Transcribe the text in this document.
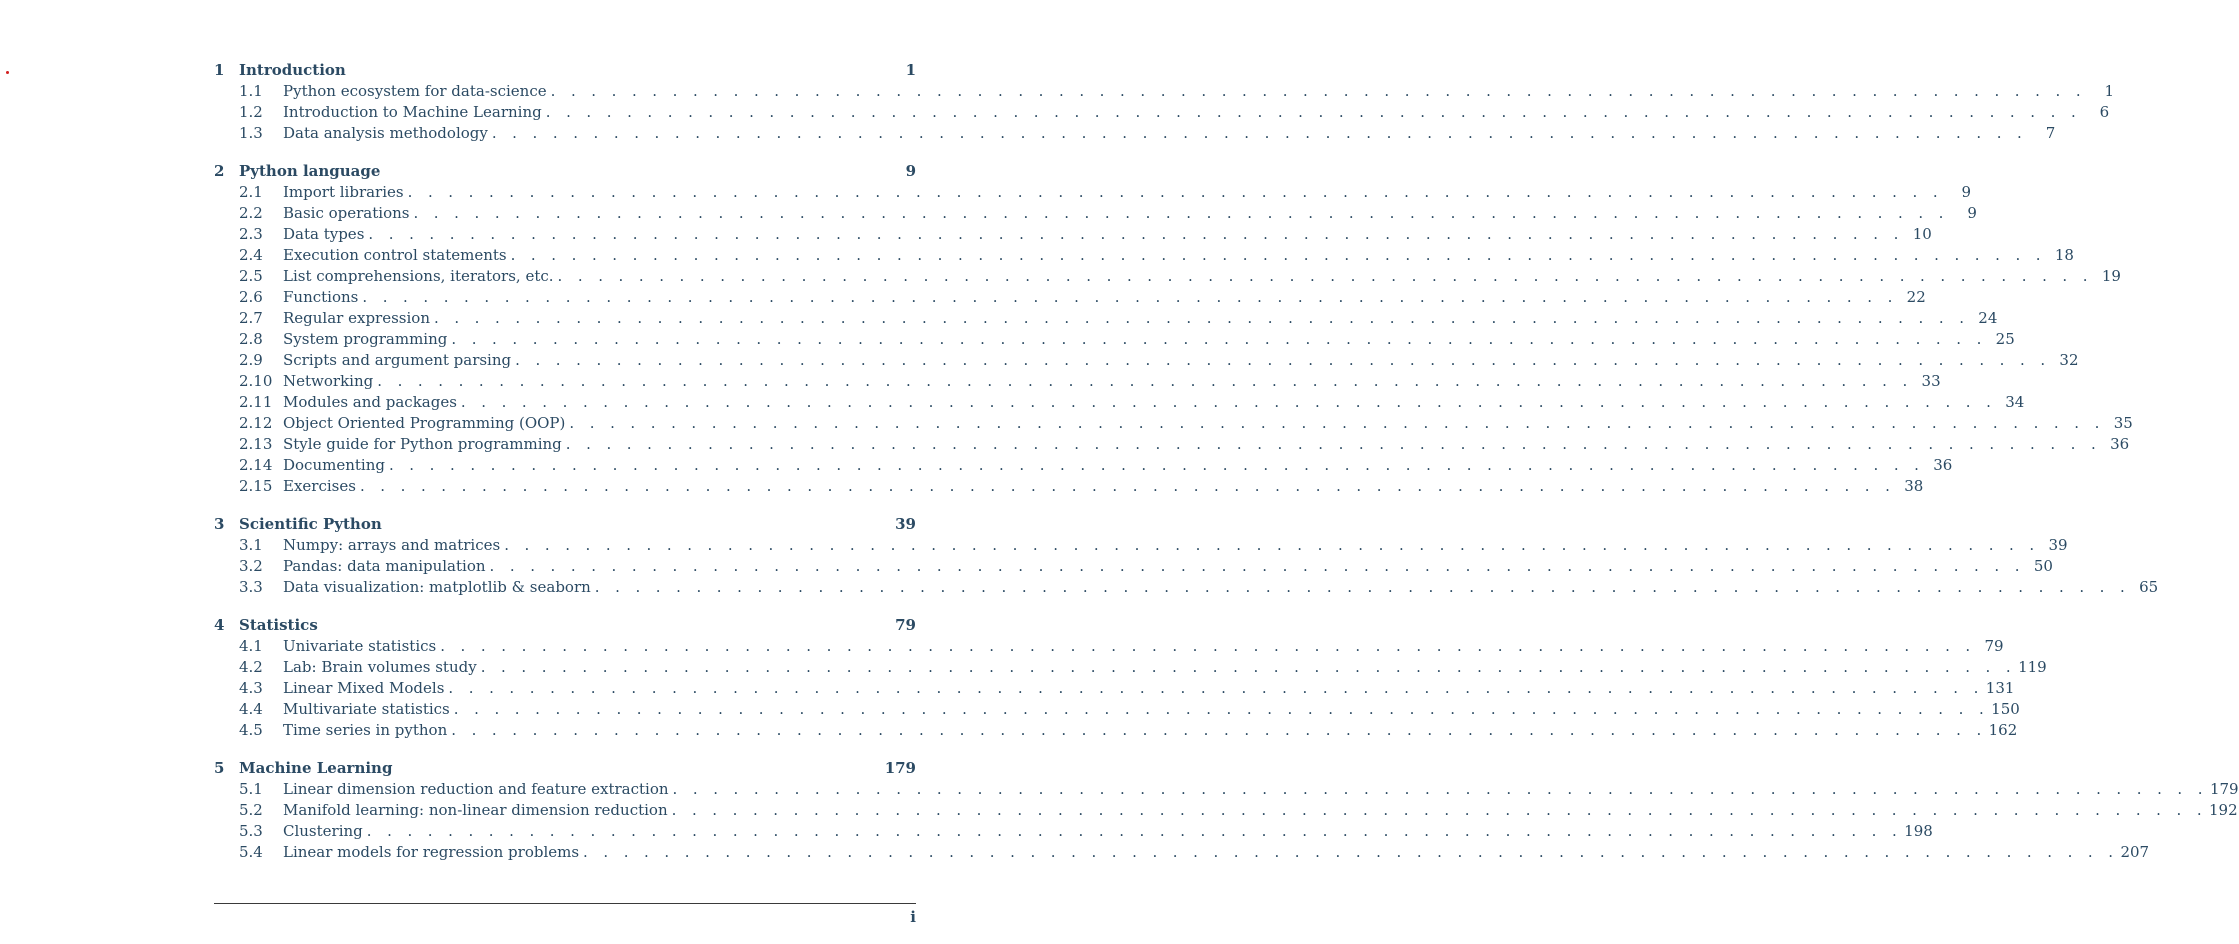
1 Introduction	1
1.1	Python ecosystem for data-science . . . . . . . . . . . . . . . . . . . . . . . . . . . . . . . . . . . . . . . . . . . . . . . . . . . . . . . . . . . . . . . . . . . . . . . . . . . .	1
1.2	Introduction to Machine Learning . . . . . . . . . . . . . . . . . . . . . . . . . . . . . . . . . . . . . . . . . . . . . . . . . . . . . . . . . . . . . . . . . . . . . . . . . . . .	6
1.3	Data analysis methodology . . . . . . . . . . . . . . . . . . . . . . . . . . . . . . . . . . . . . . . . . . . . . . . . . . . . . . . . . . . . . . . . . . . . . . . . . . . .	7
2 Python language	9
2.1	Import libraries . . . . . . . . . . . . . . . . . . . . . . . . . . . . . . . . . . . . . . . . . . . . . . . . . . . . . . . . . . . . . . . . . . . . . . . . . . . .	9
2.2	Basic operations . . . . . . . . . . . . . . . . . . . . . . . . . . . . . . . . . . . . . . . . . . . . . . . . . . . . . . . . . . . . . . . . . . . . . . . . . . . .	9
2.3	Data types . . . . . . . . . . . . . . . . . . . . . . . . . . . . . . . . . . . . . . . . . . . . . . . . . . . . . . . . . . . . . . . . . . . . . . . . . . . . 10
2.4	Execution control statements . . . . . . . . . . . . . . . . . . . . . . . . . . . . . . . . . . . . . . . . . . . . . . . . . . . . . . . . . . . . . . . . . . . . . . . . . . . . 18
2.5	List comprehensions, iterators, etc. . . . . . . . . . . . . . . . . . . . . . . . . . . . . . . . . . . . . . . . . . . . . . . . . . . . . . . . . . . . . . . . . . . . . . . . . . . . . 19
2.6	Functions . . . . . . . . . . . . . . . . . . . . . . . . . . . . . . . . . . . . . . . . . . . . . . . . . . . . . . . . . . . . . . . . . . . . . . . . . . . . 22
2.7	Regular expression . . . . . . . . . . . . . . . . . . . . . . . . . . . . . . . . . . . . . . . . . . . . . . . . . . . . . . . . . . . . . . . . . . . . . . . . . . . . 24
2.8	System programming . . . . . . . . . . . . . . . . . . . . . . . . . . . . . . . . . . . . . . . . . . . . . . . . . . . . . . . . . . . . . . . . . . . . . . . . . . . . 25
2.9	Scripts and argument parsing . . . . . . . . . . . . . . . . . . . . . . . . . . . . . . . . . . . . . . . . . . . . . . . . . . . . . . . . . . . . . . . . . . . . . . . . . . . . 32
2.10 Networking . . . . . . . . . . . . . . . . . . . . . . . . . . . . . . . . . . . . . . . . . . . . . . . . . . . . . . . . . . . . . . . . . . . . . . . . . . . . 33
2.11 Modules and packages . . . . . . . . . . . . . . . . . . . . . . . . . . . . . . . . . . . . . . . . . . . . . . . . . . . . . . . . . . . . . . . . . . . . . . . . . . . . 34
2.12 Object Oriented Programming (OOP) . . . . . . . . . . . . . . . . . . . . . . . . . . . . . . . . . . . . . . . . . . . . . . . . . . . . . . . . . . . . . . . . . . . . . . . . . . . . 35
2.13 Style guide for Python programming . . . . . . . . . . . . . . . . . . . . . . . . . . . . . . . . . . . . . . . . . . . . . . . . . . . . . . . . . . . . . . . . . . . . . . . . . . . . 36
2.14 Documenting . . . . . . . . . . . . . . . . . . . . . . . . . . . . . . . . . . . . . . . . . . . . . . . . . . . . . . . . . . . . . . . . . . . . . . . . . . . . 36
2.15 Exercises . . . . . . . . . . . . . . . . . . . . . . . . . . . . . . . . . . . . . . . . . . . . . . . . . . . . . . . . . . . . . . . . . . . . . . . . . . . . 38
3 Scientific Python	39
3.1	Numpy: arrays and matrices . . . . . . . . . . . . . . . . . . . . . . . . . . . . . . . . . . . . . . . . . . . . . . . . . . . . . . . . . . . . . . . . . . . . . . . . . . . . 39
3.2	Pandas: data manipulation . . . . . . . . . . . . . . . . . . . . . . . . . . . . . . . . . . . . . . . . . . . . . . . . . . . . . . . . . . . . . . . . . . . . . . . . . . . . 50
3.3	Data visualization: matplotlib & seaborn . . . . . . . . . . . . . . . . . . . . . . . . . . . . . . . . . . . . . . . . . . . . . . . . . . . . . . . . . . . . . . . . . . . . . . . . . . . . 65
4 Statistics	79
4.1	Univariate statistics . . . . . . . . . . . . . . . . . . . . . . . . . . . . . . . . . . . . . . . . . . . . . . . . . . . . . . . . . . . . . . . . . . . . . . . . . . . . 79
4.2	Lab: Brain volumes study . . . . . . . . . . . . . . . . . . . . . . . . . . . . . . . . . . . . . . . . . . . . . . . . . . . . . . . . . . . . . . . . . . . . . . . . . . . . 119
4.3	Linear Mixed Models . . . . . . . . . . . . . . . . . . . . . . . . . . . . . . . . . . . . . . . . . . . . . . . . . . . . . . . . . . . . . . . . . . . . . . . . . . . . 131
4.4	Multivariate statistics . . . . . . . . . . . . . . . . . . . . . . . . . . . . . . . . . . . . . . . . . . . . . . . . . . . . . . . . . . . . . . . . . . . . . . . . . . . . 150
4.5	Time series in python . . . . . . . . . . . . . . . . . . . . . . . . . . . . . . . . . . . . . . . . . . . . . . . . . . . . . . . . . . . . . . . . . . . . . . . . . . . . 162
5 Machine Learning	179
5.1	Linear dimension reduction and feature extraction . . . . . . . . . . . . . . . . . . . . . . . . . . . . . . . . . . . . . . . . . . . . . . . . . . . . . . . . . . . . . . . . . . . . . . . . . . . . 179
5.2	Manifold learning: non-linear dimension reduction . . . . . . . . . . . . . . . . . . . . . . . . . . . . . . . . . . . . . . . . . . . . . . . . . . . . . . . . . . . . . . . . . . . . . . . . . . . . 192
5.3	Clustering . . . . . . . . . . . . . . . . . . . . . . . . . . . . . . . . . . . . . . . . . . . . . . . . . . . . . . . . . . . . . . . . . . . . . . . . . . . . 198
5.4	Linear models for regression problems . . . . . . . . . . . . . . . . . . . . . . . . . . . . . . . . . . . . . . . . . . . . . . . . . . . . . . . . . . . . . . . . . . . . . . . . . . . . 207
i
